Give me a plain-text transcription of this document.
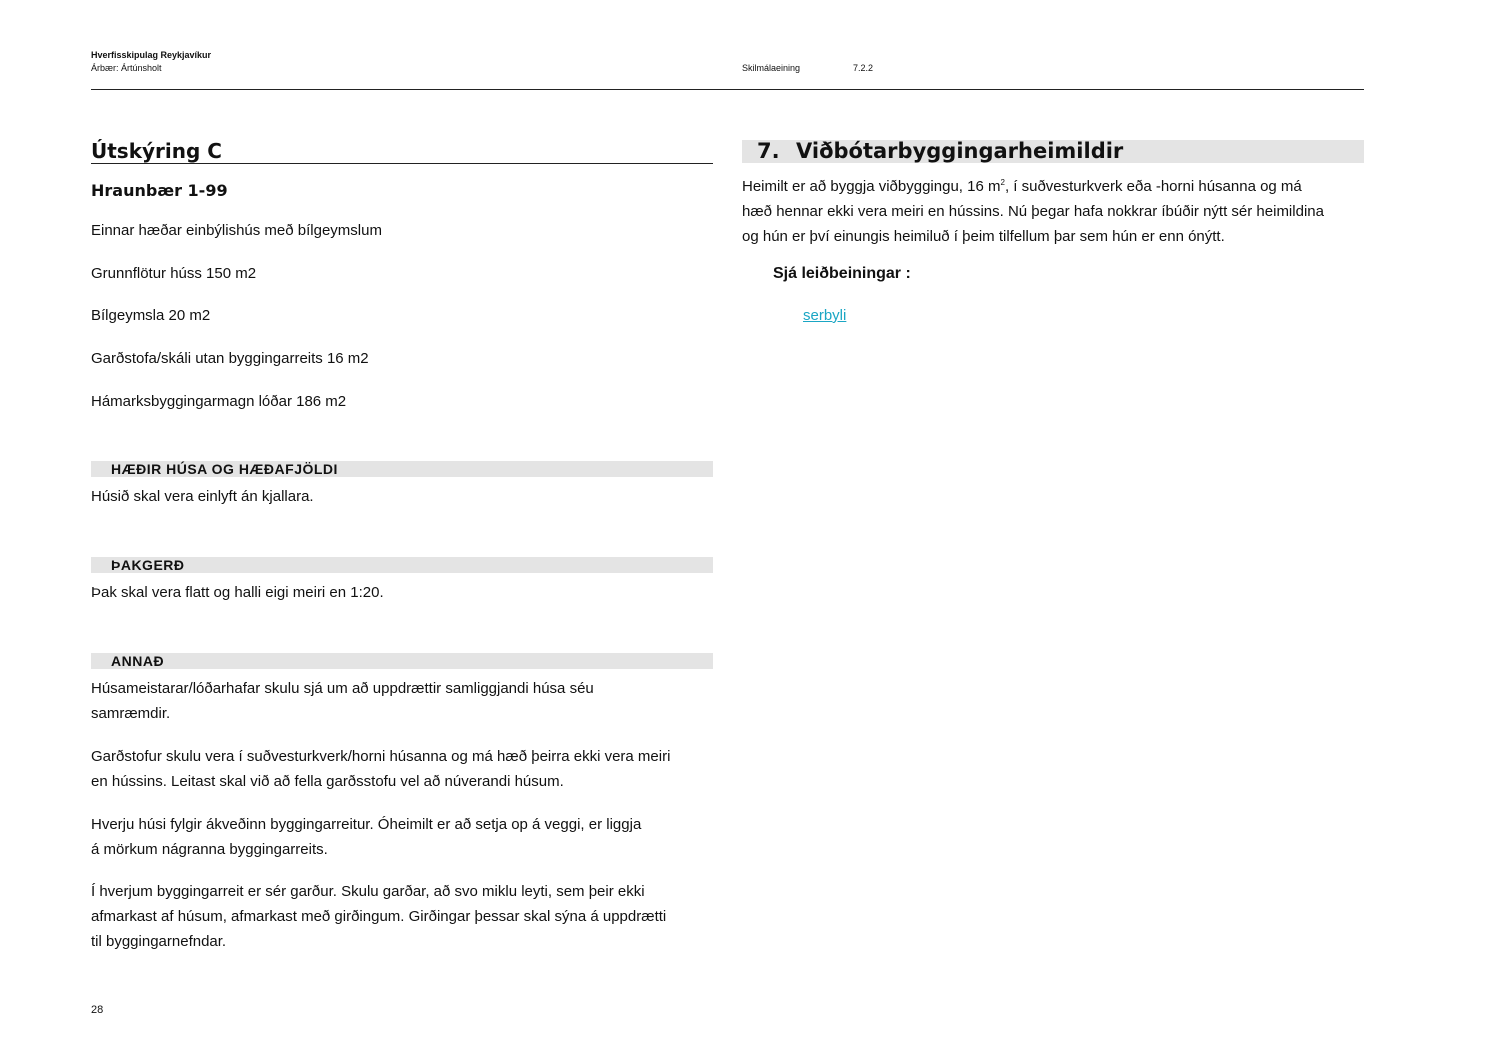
Hverfisskipulag Reykjavíkur
Árbær: Ártúnsholt	Skilmálaeining	7.2.2
Útskýring C
Hraunbær 1-99

Einnar hæðar einbýlishús með bílgeymslum

Grunnflötur húss 150 m2

Bílgeymsla 20 m2

Garðstofa/skáli utan byggingarreits 16 m2

Hámarksbyggingarmagn lóðar 186 m2

HÆÐIR HÚSA OG HÆÐAFJÖLDI

Húsið skal vera einlyft án kjallara.

ÞAKGERÐ

Þak skal vera flatt og halli eigi meiri en 1:20.

ANNAÐ

Húsameistarar/lóðarhafar skulu sjá um að uppdrættir samliggjandi húsa séu samræmdir.

Garðstofur skulu vera í suðvesturkverk/horni húsanna og má hæð þeirra ekki vera meiri en hússins. Leitast skal við að fella garðsstofu vel að núverandi húsum.

Hverju húsi fylgir ákveðinn byggingarreitur. Óheimilt er að setja op á veggi, er liggja á mörkum nágranna byggingarreits.

Í hverjum byggingarreit er sér garður. Skulu garðar, að svo miklu leyti, sem þeir ekki afmarkast af húsum, afmarkast með girðingum. Girðingar þessar skal sýna á uppdrætti til byggingarnefndar.

7. Viðbótarbyggingarheimildir

Heimilt er að byggja viðbyggingu, 16 $m^2$, í suðvesturkverk eða -horni húsanna og má hæð hennar ekki vera meiri en hússins. Nú þegar hafa nokkrar íbúðir nýtt sér heimildina og hún er því einungis heimiluð í þeim tilfellum þar sem hún er enn ónýtt.

Sjá leiðbeiningar :
serbyli
28
